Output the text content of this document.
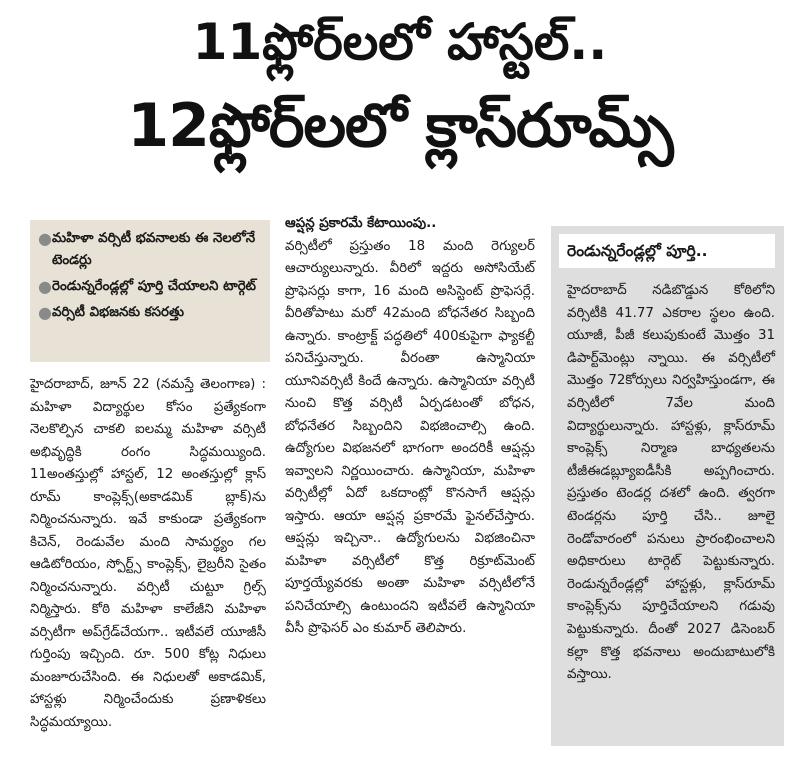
11ఫ్లోర్‌లలో హాస్టల్..
12ఫ్లోర్‌లలో క్లాస్‌రూమ్స్
● మహిళా వర్సిటీ భవనాలకు ఈ నెలలోనే టెండర్లు
● రెండున్నరేండ్లల్లో పూర్తి చేయాలని టార్గెట్
● వర్సిటీ విభజనకు కసరత్తు

హైదరాబాద్, జూన్ 22 (నమస్తే తెలంగాణ) : మహిళా విద్యార్థుల కోసం ప్రత్యేకంగా నెలకొల్పిన చాకలి ఐలమ్మ మహిళా వర్సిటీ అభివృద్ధికి రంగం సిద్ధమయ్యింది. 11అంతస్తుల్లో హాస్టల్, 12 అంతస్తుల్లో క్లాస్‌ రూమ్ కాంప్లెక్స్(అకాడమిక్ బ్లాక్)ను నిర్మించనున్నారు. ఇవే కాకుండా ప్రత్యేకంగా కిచెన్, రెండువేల మంది సామర్థ్యం గల ఆడిటోరియం, స్పోర్ట్స్ కాంప్లెక్స్, లైబ్రరీని సైతం నిర్మించనున్నారు. వర్సిటీ చుట్టూ గ్రిల్స్ నిర్మిస్తారు. కోఠి మహిళా కాలేజీని మహిళా వర్సిటీగా అప్‌గ్రేడ్‌చేయగా.. ఇటీవలే యూజీసీ గుర్తింపు ఇచ్చింది. రూ. 500 కోట్ల నిధులు మంజూరుచేసింది. ఈ నిధులతో అకాడమిక్, హాస్టళ్లు నిర్మించేందుకు ప్రణాళికలు సిద్ధమయ్యాయి.

ఆప్షన్ల ప్రకారమే కేటాయింపు..

వర్సిటీలో ప్రస్తుతం 18 మంది రెగ్యులర్ ఆచార్యులున్నారు. వీరిలో ఇద్దరు అసోసియేట్ ప్రొఫెసర్లు కాగా, 16 మంది అసిస్టెంట్ ప్రొఫెసర్లే. వీరితోపాటు మరో 42మంది బోధనేతర సిబ్బంది ఉన్నారు. కాంట్రాక్ట్ పద్ధతిలో 400కుపైగా ఫ్యాకల్టీ పనిచేస్తున్నారు. వీరంతా ఉస్మానియా యూనివర్సిటీ కిందే ఉన్నారు. ఉస్మానియా వర్సిటీ నుంచి కొత్త వర్సిటీ ఏర్పడటంతో బోధన, బోధనేతర సిబ్బందిని విభజించాల్సి ఉంది. ఉద్యోగుల విభజనలో భాగంగా అందరికీ ఆప్షన్లు ఇవ్వాలని నిర్ణయించారు. ఉస్మానియా, మహిళా వర్సిటీల్లో ఏదో ఒకదాంట్లో కొనసాగే ఆప్షన్లు ఇస్తారు. ఆయా ఆప్షన్ల ప్రకారమే ఫైనల్‌చేస్తారు. ఆప్షన్లు ఇచ్చినా.. ఉద్యోగులను విభజించినా మహిళా వర్సిటీలో కొత్త రిక్రూట్‌మెంట్ పూర్తయ్యేవరకు అంతా మహిళా వర్సిటీలోనే పనిచేయాల్సి ఉంటుందని ఇటీవలే ఉస్మానియా వీసీ ప్రొఫెసర్ ఎం కుమార్ తెలిపారు.

రెండున్నరేండ్లల్లో పూర్తి..

హైదరాబాద్ నడిబొడ్డున కోఠిలోని వర్సిటీకి 41.77 ఎకరాల స్థలం ఉంది. యూజీ, పీజీ కలుపుకుంటే మొత్తం 31 డిపార్ట్‌మెంట్లు న్నాయి. ఈ వర్సిటీలో మొత్తం 72కోర్సులు నిర్వహిస్తుండగా, ఈ వర్సిటీలో 7వేల మంది విద్యార్థులున్నారు. హాస్టళ్లు, క్లాస్‌రూమ్ కాంప్లెక్స్ నిర్మాణ బాధ్యతలను టీజీఈడబ్ల్యూఐడీసీకి అప్పగించారు. ప్రస్తుతం టెండర్ల దశలో ఉంది. త్వరగా టెండర్లను పూర్తి చేసి.. జూలై రెండోవారంలో పనులు ప్రారంభించాలని అధికారులు టార్గెట్ పెట్టుకున్నారు. రెండున్నరేండ్లల్లో హాస్టళ్లు, క్లాస్‌రూమ్ కాంప్లెక్స్‌ను పూర్తిచేయాలని గడువు పెట్టుకున్నారు. దీంతో 2027 డిసెంబర్ కల్లా కొత్త భవనాలు అందుబాటులోకి వస్తాయి.
